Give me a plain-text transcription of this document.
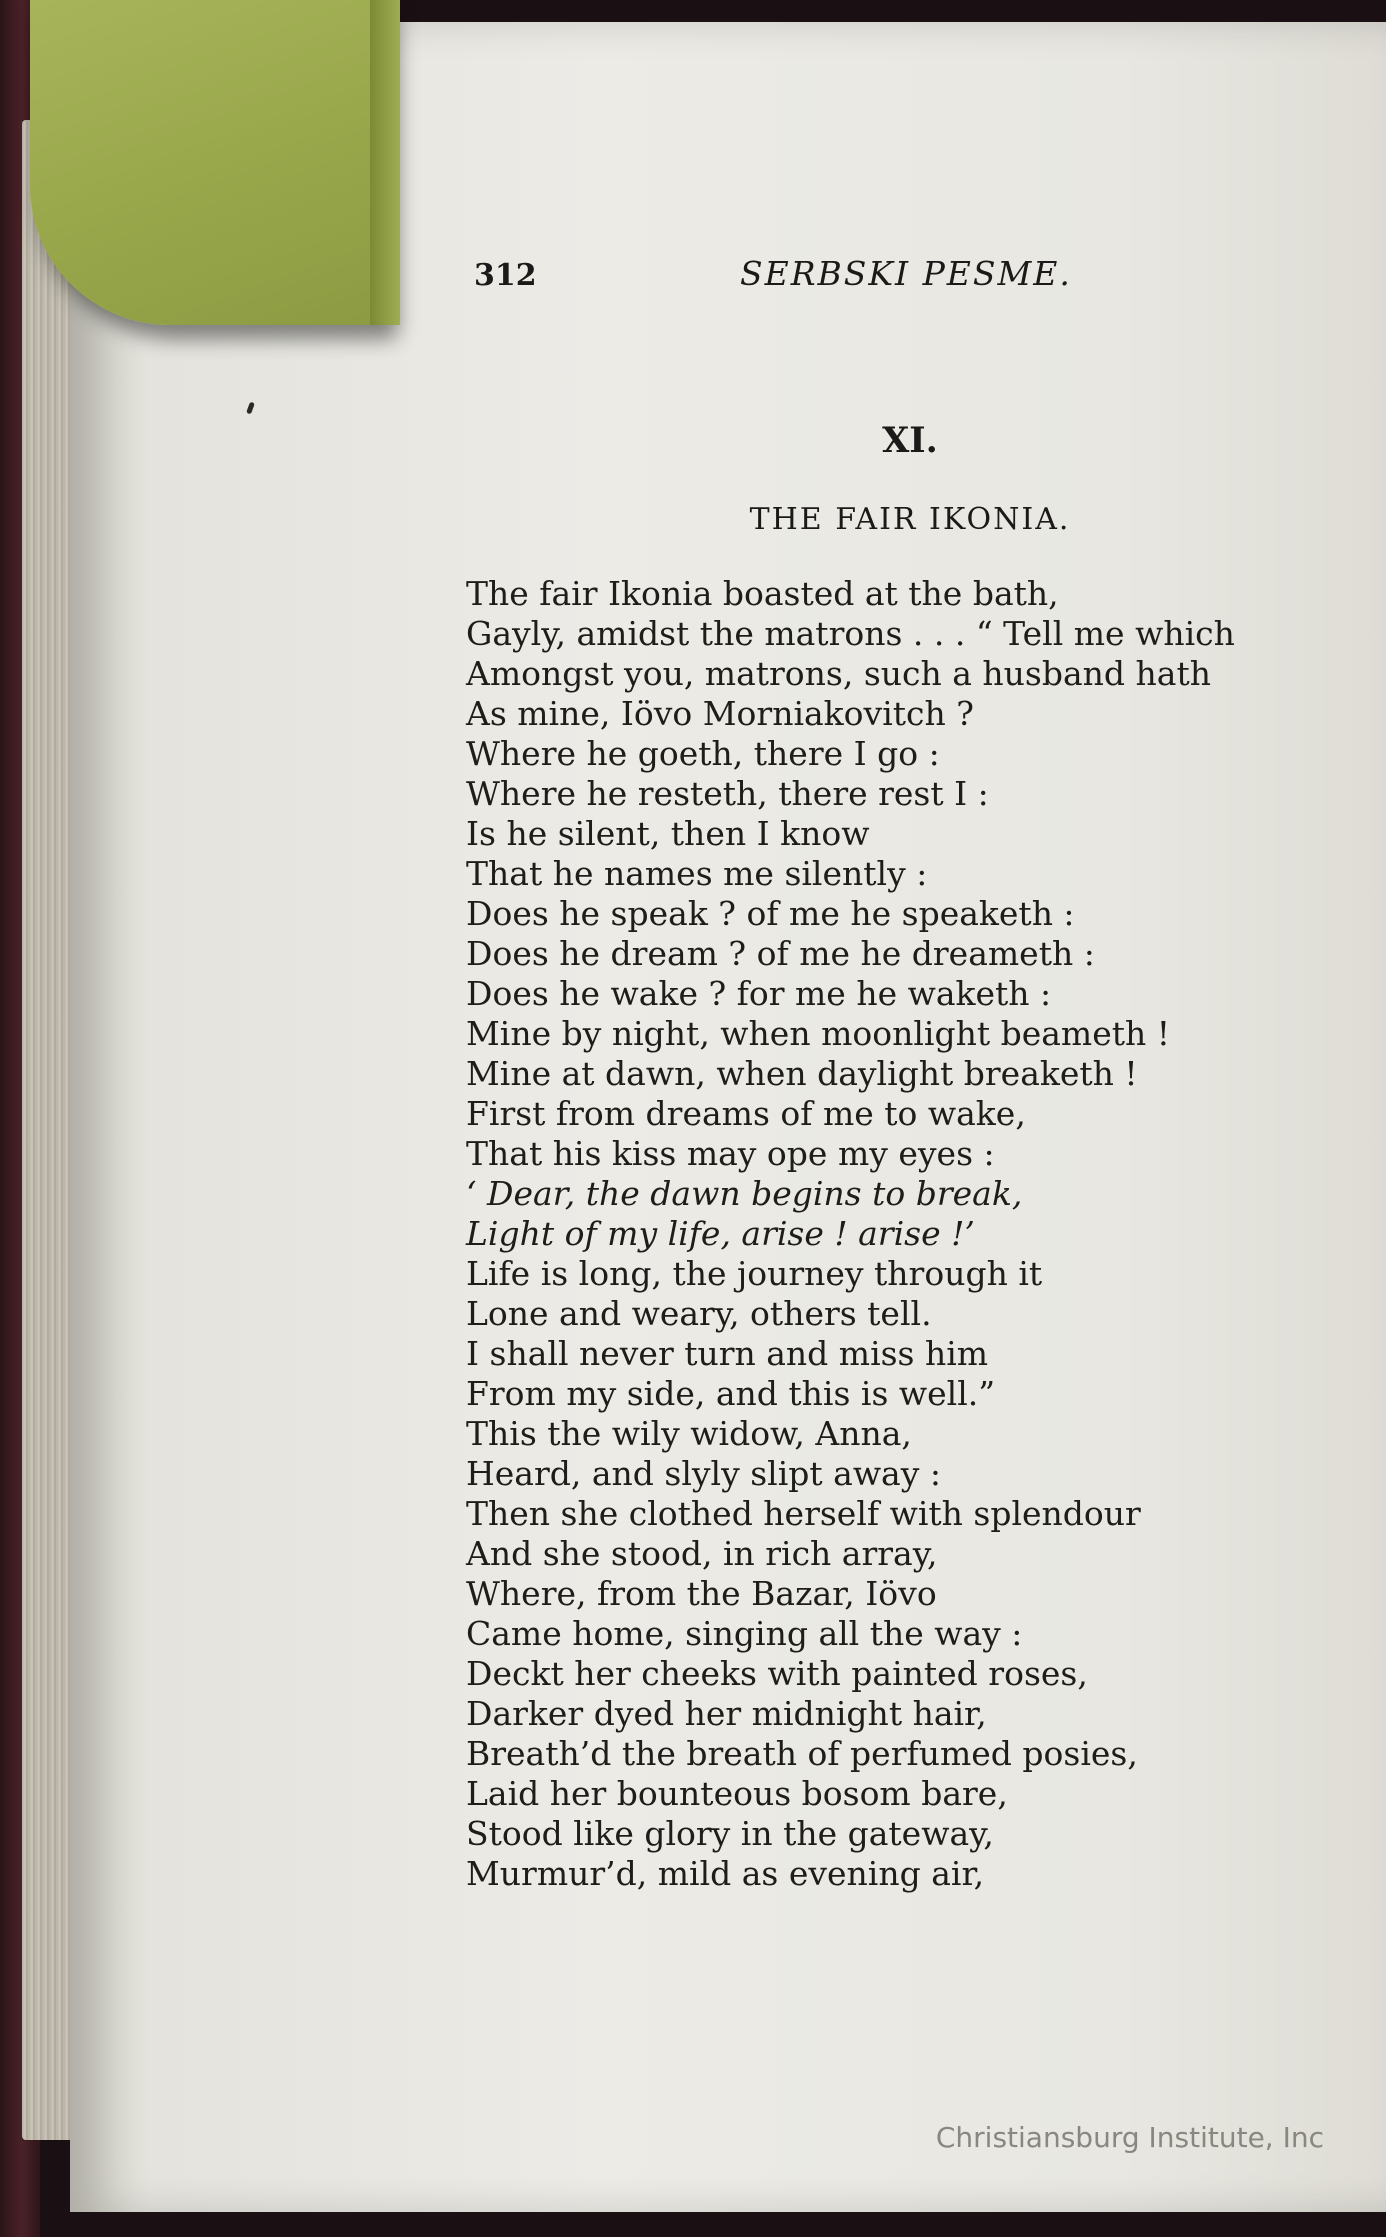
312	SERBSKI PESME.
XI.
THE FAIR IKONIA.
The fair Ikonia boasted at the bath,
Gayly, amidst the matrons . . . “ Tell me which
Amongst you, matrons, such a husband hath
As mine, Iövo Morniakovitch ?
Where he goeth, there I go :
Where he resteth, there rest I :
Is he silent, then I know
That he names me silently :
Does he speak ? of me he speaketh :
Does he dream ? of me he dreameth :
Does he wake ? for me he waketh :
Mine by night, when moonlight beameth !
Mine at dawn, when daylight breaketh !
First from dreams of me to wake,
That his kiss may ope my eyes :
‘ Dear, the dawn begins to break,
Light of my life, arise ! arise !’
Life is long, the journey through it
Lone and weary, others tell.
I shall never turn and miss him
From my side, and this is well.”
This the wily widow, Anna,
Heard, and slyly slipt away :
Then she clothed herself with splendour
And she stood, in rich array,
Where, from the Bazar, Iövo
Came home, singing all the way :
Deckt her cheeks with painted roses,
Darker dyed her midnight hair,
Breath’d the breath of perfumed posies,
Laid her bounteous bosom bare,
Stood like glory in the gateway,
Murmur’d, mild as evening air,
Christiansburg Institute, Inc
